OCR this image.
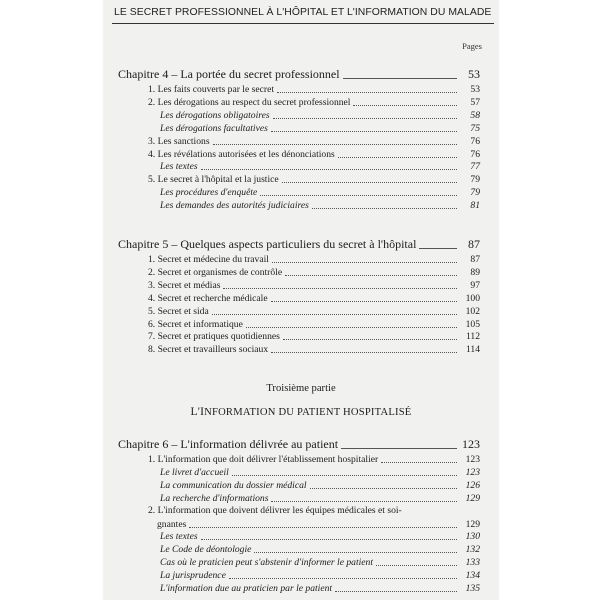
LE SECRET PROFESSIONNEL À L'HÔPITAL ET L'INFORMATION DU MALADE
Pages
Chapitre 4 – La portée du secret professionnel	53
1. Les faits couverts par le secret	53
2. Les dérogations au respect du secret professionnel	57
Les dérogations obligatoires	58
Les dérogations facultatives	75
3. Les sanctions	76
4. Les révélations autorisées et les dénonciations	76
Les textes	77
5. Le secret à l'hôpital et la justice	79
Les procédures d'enquête	79
Les demandes des autorités judiciaires	81
Chapitre 5 – Quelques aspects particuliers du secret à l'hôpital	87
1. Secret et médecine du travail	87
2. Secret et organismes de contrôle	89
3. Secret et médias	97
4. Secret et recherche médicale	100
5. Secret et sida	102
6. Secret et informatique	105
7. Secret et pratiques quotidiennes	112
8. Secret et travailleurs sociaux	114
Chapitre 6 – L'information délivrée au patient	123
1. L'information que doit délivrer l'établissement hospitalier	123
Le livret d'accueil	123
La communication du dossier médical	126
La recherche d'informations	129
2. L'information que doivent délivrer les équipes médicales et soi-
gnantes	129
Les textes	130
Le Code de déontologie	132
Cas où le praticien peut s'abstenir d'informer le patient	133
La jurisprudence	134
L'information due au praticien par le patient	135
Troisième partie
L'INFORMATION DU PATIENT HOSPITALISÉ
